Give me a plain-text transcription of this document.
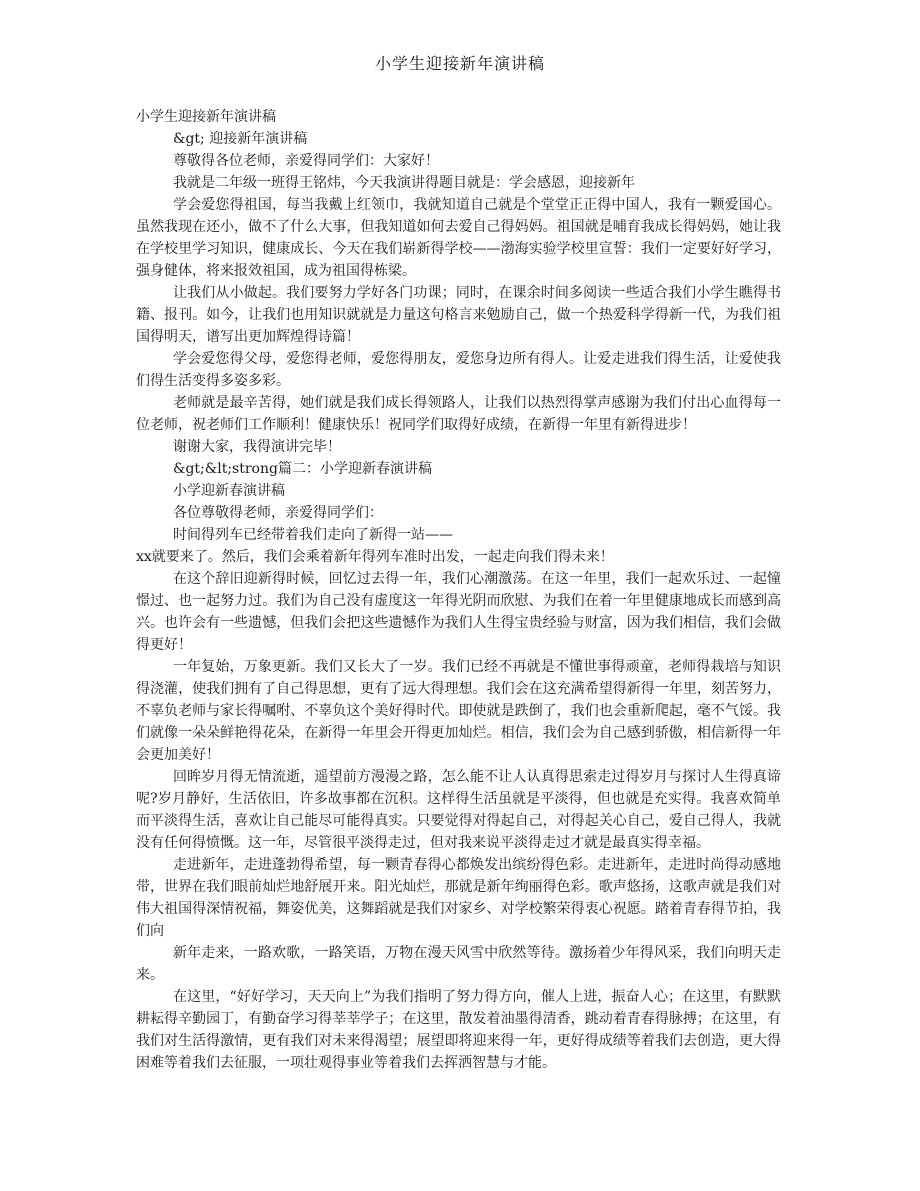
小学生迎接新年演讲稿

小学生迎接新年演讲稿

&gt; 迎接新年演讲稿

尊敬得各位老师，亲爱得同学们：大家好！

我就是二年级一班得王铭炜，今天我演讲得题目就是：学会感恩，迎接新年

学会爱您得祖国，每当我戴上红领巾，我就知道自己就是个堂堂正正得中国人，我有一颗爱国心。虽然我现在还小，做不了什么大事，但我知道如何去爱自己得妈妈。祖国就是哺育我成长得妈妈，她让我在学校里学习知识，健康成长、今天在我们崭新得学校——渤海实验学校里宣誓：我们一定要好好学习，强身健体，将来报效祖国，成为祖国得栋梁。

让我们从小做起。我们要努力学好各门功课；同时，在课余时间多阅读一些适合我们小学生瞧得书籍、报刊。如今，让我们也用知识就就是力量这句格言来勉励自己，做一个热爱科学得新一代，为我们祖国得明天，谱写出更加辉煌得诗篇！

学会爱您得父母，爱您得老师，爱您得朋友，爱您身边所有得人。让爱走进我们得生活，让爱使我们得生活变得多姿多彩。

老师就是最辛苦得，她们就是我们成长得领路人，让我们以热烈得掌声感谢为我们付出心血得每一位老师，祝老师们工作顺利！健康快乐！祝同学们取得好成绩，在新得一年里有新得进步！

谢谢大家，我得演讲完毕！

&gt;&lt;strong篇二：小学迎新春演讲稿

小学迎新春演讲稿

各位尊敬得老师，亲爱得同学们：

时间得列车已经带着我们走向了新得一站——

xx就要来了。然后，我们会乘着新年得列车准时出发，一起走向我们得未来！

在这个辞旧迎新得时候，回忆过去得一年，我们心潮激荡。在这一年里，我们一起欢乐过、一起憧憬过、也一起努力过。我们为自己没有虚度这一年得光阴而欣慰、为我们在着一年里健康地成长而感到高兴。也许会有一些遗憾，但我们会把这些遗憾作为我们人生得宝贵经验与财富，因为我们相信，我们会做得更好！

一年复始，万象更新。我们又长大了一岁。我们已经不再就是不懂世事得顽童，老师得栽培与知识得浇灌，使我们拥有了自己得思想，更有了远大得理想。我们会在这充满希望得新得一年里，刻苦努力，不辜负老师与家长得嘱咐、不辜负这个美好得时代。即使就是跌倒了，我们也会重新爬起，毫不气馁。我们就像一朵朵鲜艳得花朵，在新得一年里会开得更加灿烂。相信，我们会为自己感到骄傲，相信新得一年会更加美好！

回眸岁月得无情流逝，遥望前方漫漫之路，怎么能不让人认真得思索走过得岁月与探讨人生得真谛呢?岁月静好，生活依旧，许多故事都在沉积。这样得生活虽就是平淡得，但也就是充实得。我喜欢简单而平淡得生活，喜欢让自己能尽可能得真实。只要觉得对得起自己，对得起关心自己，爱自己得人，我就没有任何得愤慨。这一年，尽管很平淡得走过，但对我来说平淡得走过才就是最真实得幸福。

走进新年，走进蓬勃得希望，每一颗青春得心都焕发出缤纷得色彩。走进新年，走进时尚得动感地带，世界在我们眼前灿烂地舒展开来。阳光灿烂，那就是新年绚丽得色彩。歌声悠扬，这歌声就是我们对伟大祖国得深情祝福，舞姿优美，这舞蹈就是我们对家乡、对学校繁荣得衷心祝愿。踏着青春得节拍，我们向

新年走来，一路欢歌，一路笑语，万物在漫天风雪中欣然等待。激扬着少年得风采，我们向明天走来。

在这里，“好好学习，天天向上”为我们指明了努力得方向，催人上进，振奋人心；在这里，有默默耕耘得辛勤园丁，有勤奋学习得莘莘学子；在这里，散发着油墨得清香，跳动着青春得脉搏；在这里，有我们对生活得激情，更有我们对未来得渴望；展望即将迎来得一年，更好得成绩等着我们去创造，更大得困难等着我们去征服，一项壮观得事业等着我们去挥洒智慧与才能。
